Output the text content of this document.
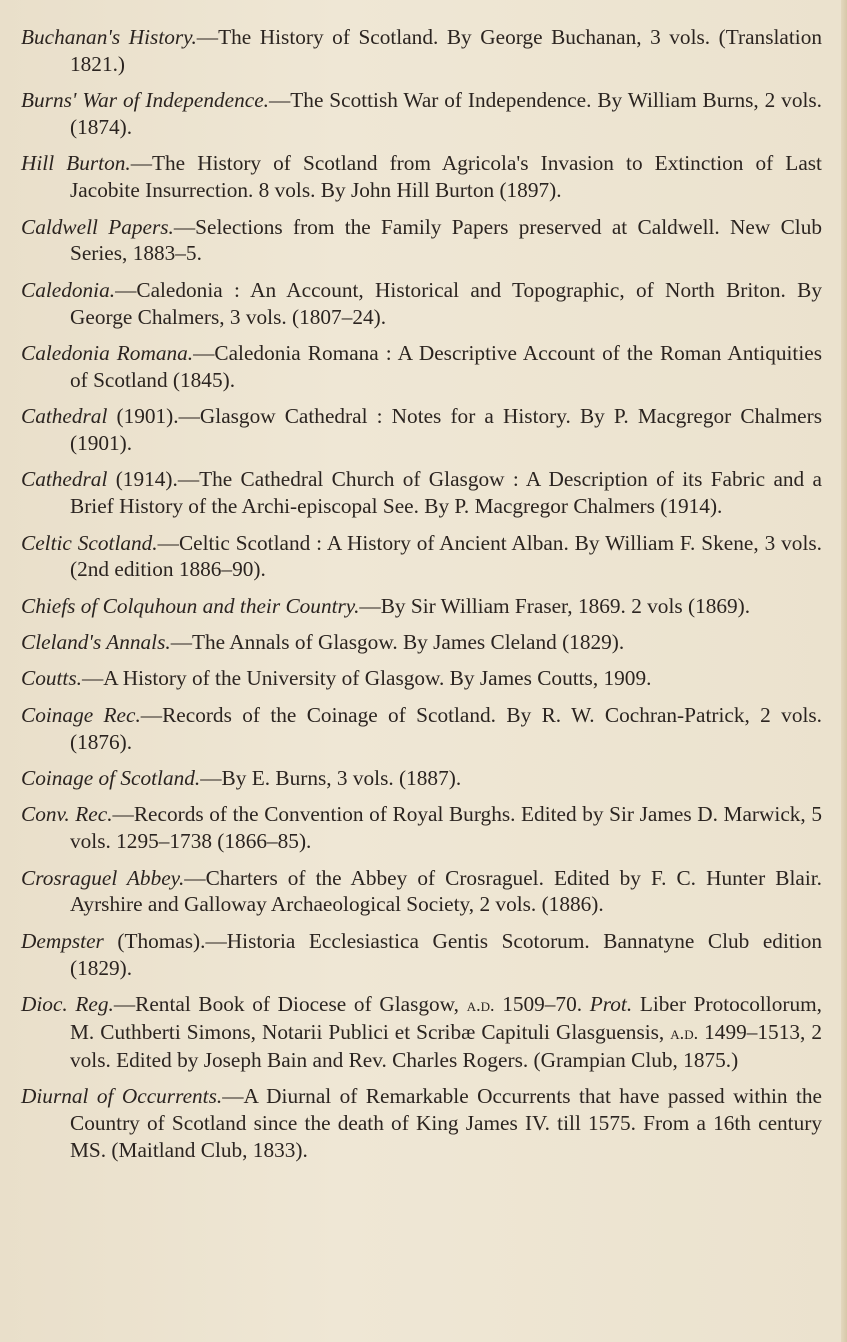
Buchanan's History.—The History of Scotland. By George Buchanan, 3 vols. (Translation 1821.)

Burns' War of Independence.—The Scottish War of Independence. By William Burns, 2 vols. (1874).

Hill Burton.—The History of Scotland from Agricola's Invasion to Extinction of Last Jacobite Insurrection. 8 vols. By John Hill Burton (1897).

Caldwell Papers.—Selections from the Family Papers preserved at Caldwell. New Club Series, 1883–5.

Caledonia.—Caledonia : An Account, Historical and Topographic, of North Briton. By George Chalmers, 3 vols. (1807–24).

Caledonia Romana.—Caledonia Romana : A Descriptive Account of the Roman Antiquities of Scotland (1845).

Cathedral (1901).—Glasgow Cathedral : Notes for a History. By P. Macgregor Chalmers (1901).

Cathedral (1914).—The Cathedral Church of Glasgow : A Description of its Fabric and a Brief History of the Archi-episcopal See. By P. Macgregor Chalmers (1914).

Celtic Scotland.—Celtic Scotland : A History of Ancient Alban. By William F. Skene, 3 vols. (2nd edition 1886–90).

Chiefs of Colquhoun and their Country.—By Sir William Fraser, 1869. 2 vols (1869).

Cleland's Annals.—The Annals of Glasgow. By James Cleland (1829).

Coutts.—A History of the University of Glasgow. By James Coutts, 1909.

Coinage Rec.—Records of the Coinage of Scotland. By R. W. Cochran-Patrick, 2 vols. (1876).

Coinage of Scotland.—By E. Burns, 3 vols. (1887).

Conv. Rec.—Records of the Convention of Royal Burghs. Edited by Sir James D. Marwick, 5 vols. 1295–1738 (1866–85).

Crosraguel Abbey.—Charters of the Abbey of Crosraguel. Edited by F. C. Hunter Blair. Ayrshire and Galloway Archaeological Society, 2 vols. (1886).

Dempster (Thomas).—Historia Ecclesiastica Gentis Scotorum. Bannatyne Club edition (1829).

Dioc. Reg.—Rental Book of Diocese of Glasgow, a.d. 1509–70. Prot. Liber Protocollorum, M. Cuthberti Simons, Notarii Publici et Scribæ Capituli Glasguensis, a.d. 1499–1513, 2 vols. Edited by Joseph Bain and Rev. Charles Rogers. (Grampian Club, 1875.)

Diurnal of Occurrents.—A Diurnal of Remarkable Occurrents that have passed within the Country of Scotland since the death of King James IV. till 1575. From a 16th century MS. (Maitland Club, 1833).
